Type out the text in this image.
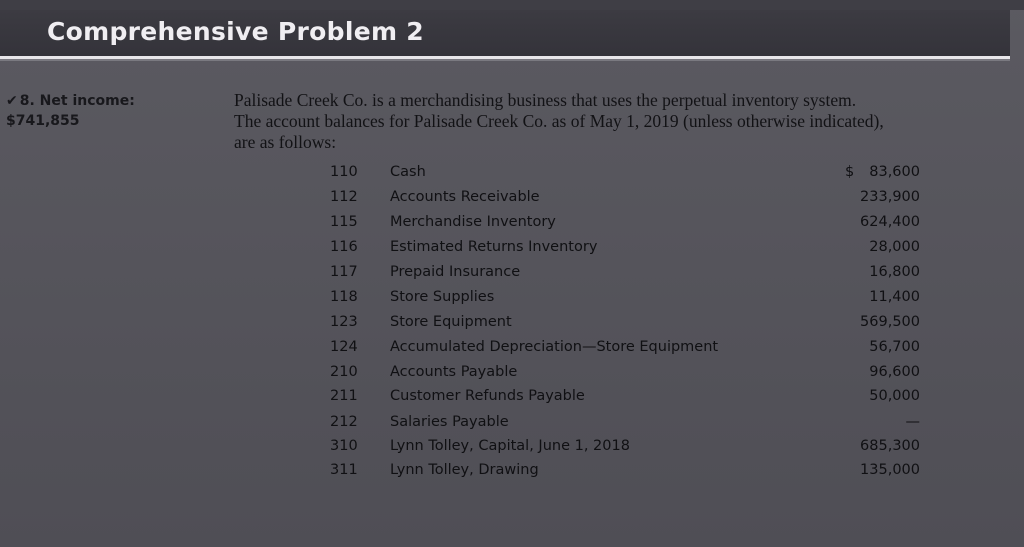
Comprehensive Problem 2
✔ 8. Net income:
$741,855
Palisade Creek Co. is a merchandising business that uses the perpetual inventory system.
The account balances for Palisade Creek Co. as of May 1, 2019 (unless otherwise indicated),
are as follows:
110	Cash	$	83,600
112	Accounts Receivable	233,900
115	Merchandise Inventory	624,400
116	Estimated Returns Inventory	28,000
117	Prepaid Insurance	16,800
118	Store Supplies	11,400
123	Store Equipment	569,500
124	Accumulated Depreciation—Store Equipment	56,700
210	Accounts Payable	96,600
211	Customer Refunds Payable	50,000
212	Salaries Payable	—
310	Lynn Tolley, Capital, June 1, 2018	685,300
311	Lynn Tolley, Drawing	135,000
